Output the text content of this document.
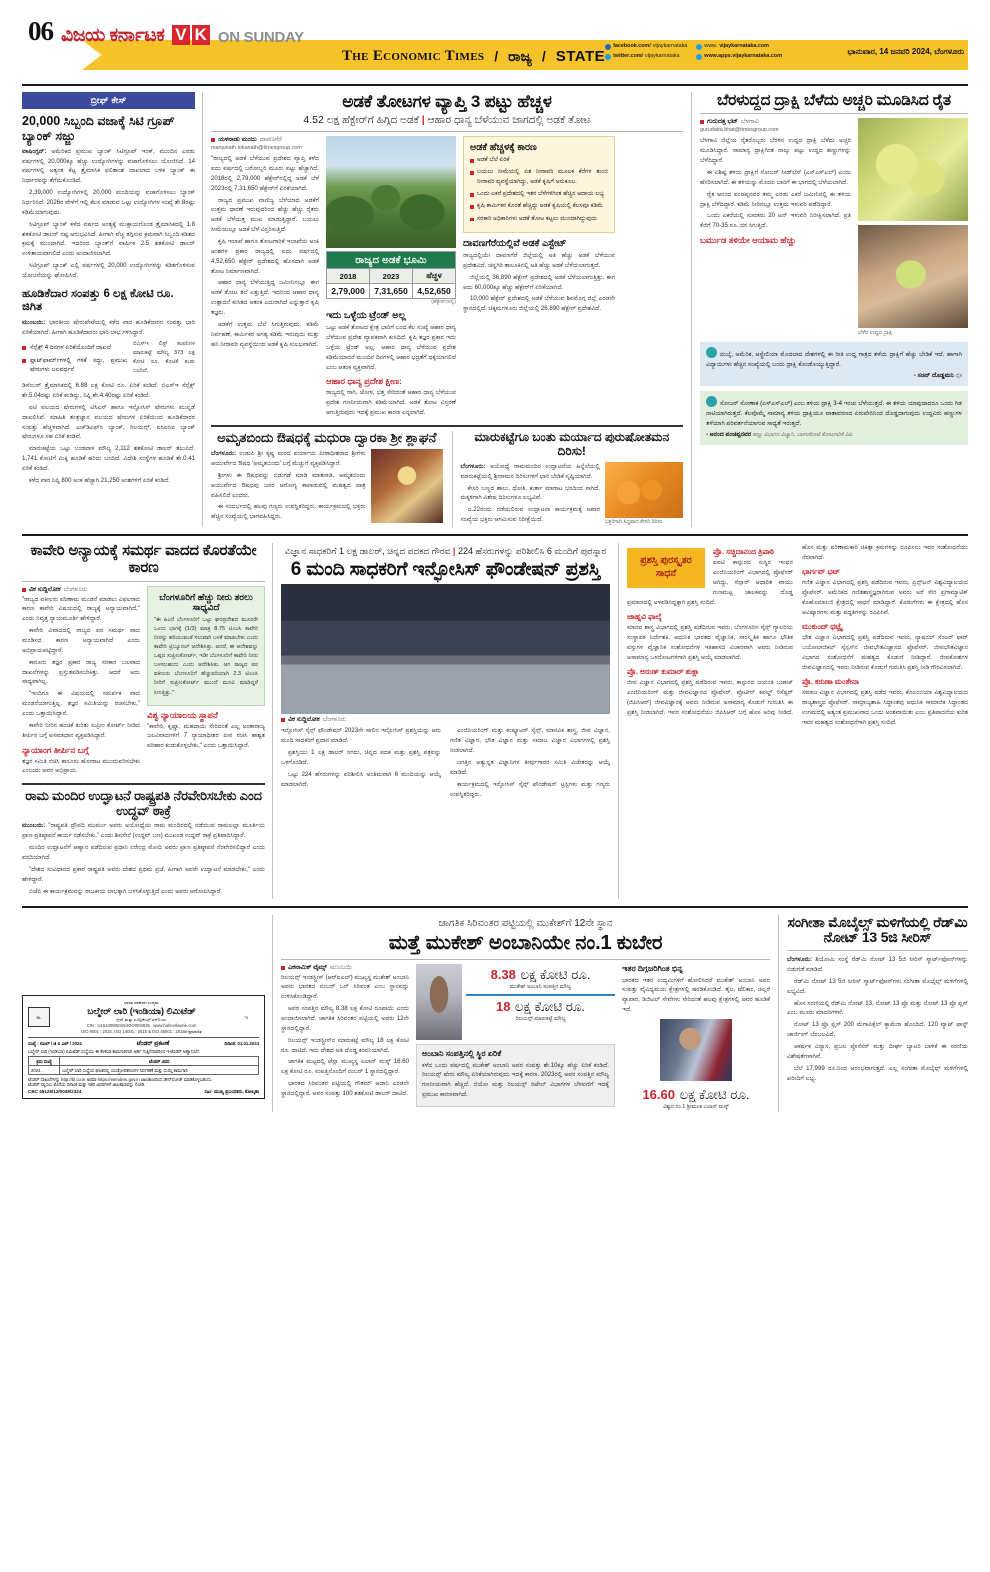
06 ವಿಜಯ ಕರ್ನಾಟಕ V K ON SUNDAY
The Economic Times / ರಾಜ್ಯ / STATE
facebook.com/ vijaykarnataka
twitter.com/ vijaykarnataka
www. vijaykarnataka.com
www.apps.vijaykarnataka.com
ಭಾನುವಾರ, 14 ಜನವರಿ 2024, ಬೆಂಗಳೂರು
ಬ್ರೀಫ್ ಕೇಸ್
20,000 ಸಿಬ್ಬಂದಿ ವಜಾಕ್ಕೆ ಸಿಟಿ ಗ್ರೂಪ್ ಬ್ಯಾಂಕ್ ಸಜ್ಜು

ವಾಷಿಂಗ್ಟನ್: ಅಮೆರಿಕದ ಪ್ರಮುಖ ಬ್ಯಾಂಕ್ ಸಿಟಿಗ್ರೂಪ್ ಇಂಕ್, ಮುಂದಿನ ಎರಡು ವರ್ಷಗಳಲ್ಲಿ 20,000ಕ್ಕೂ ಹೆಚ್ಚು ಉದ್ಯೋಗಿಗಳನ್ನು ವಜಾಗೊಳಿಸಲು ಯೋಜಿಸಿದೆ. 14 ವರ್ಷಗಳಲ್ಲಿ ಅತ್ಯಂತ ಕೆಟ್ಟ ತ್ರೈಮಾಸಿಕ ಫಲಿತಾಂಶ ದಾಖಲಾದ ಬಳಿಕ ಬ್ಯಾಂಕ್ ಈ ನಿರ್ಧಾರವನ್ನು ತೆಗೆದುಕೊಂಡಿದೆ.

2,39,000 ಉದ್ಯೋಗಿಗಳಲ್ಲಿ 20,000 ಮಂದಿಯನ್ನು ವಜಾಗೊಳಿಸಲು ಬ್ಯಾಂಕ್ ನಿರ್ಧರಿಸಿದೆ. 2026ರ ವೇಳೆಗೆ ಇಲ್ಲಿ ಕೆಲಸ ಮಾಡುವ ಒಟ್ಟು ಉದ್ಯೋಗಿಗಳ ಸಂಖ್ಯೆ ಶೇ.8ರಷ್ಟು ಕಡಿಮೆಯಾಗುವುದು.

ಸಿಟಿಗ್ರೂಪ್ ಬ್ಯಾಂಕ್ ಕಳೆದ ವರ್ಷದ ಅಂತ್ಯಕ್ಕೆ ಮುಕ್ತಾಯಗೊಂಡ ತ್ರೈಮಾಸಿಕದಲ್ಲಿ 1.8 ಶತಕೋಟಿ ಡಾಲರ್ ನಷ್ಟ ಅನುಭವಿಸಿದೆ. ಹೀಗಾಗಿ ವೆಚ್ಚ ತಗ್ಗಿಸುವ ಕ್ರಮವಾಗಿ ಸಿಬ್ಬಂದಿ ಕಡಿತದ ಕ್ರಮಕ್ಕೆ ಮುಂದಾಗಿದೆ. ಇದರಿಂದ ಬ್ಯಾಂಕ್‌ಗೆ ವಾರ್ಷಿಕ 2.5 ಶತಕೋಟಿ ಡಾಲರ್ ಉಳಿತಾಯವಾಗಲಿದೆ ಎಂದು ಅಂದಾಜಿಸಲಾಗಿದೆ.

ಸಿಟಿಗ್ರೂಪ್ ಬ್ಯಾಂಕ್ ಎಲ್ಲಿ ವರ್ಷಗಳಲ್ಲಿ 20,000 ಉದ್ಯೋಗಿಗಳನ್ನು ಕಡಿತಗೊಳಿಸುವ ಯೋಜನೆಯನ್ನು ಘೋಷಿಸಿದೆ.

ಹೂಡಿಕೆದಾರ ಸಂಪತ್ತು 6 ಲಕ್ಷ ಕೋಟಿ ರೂ. ಜಿಗಿತ

ಮುಂಬಯಿ: ಭಾರತೀಯ ಷೇರುಪೇಟೆಯಲ್ಲಿ ಕಳೆದ ವಾರ ಹೂಡಿಕೆದಾರರ ಸಂಪತ್ತು ಭಾರಿ ಏರಿಕೆಯಾಗಿದೆ. ಹೀಗಾಗಿ ಹೂಡಿಕೆದಾರರು ಭಾರಿ ಲಾಭ ಗಳಿಸಿದ್ದಾರೆ.

ಸೆನ್ಸೆಕ್ಸ್ 4 ದಿನಗಳ ಏರಿಕೆಯೊಂದಿಗೆ ದಾಖಲೆ
ಫ್ಲಾಟ್‌ಫಾರ್ಮ್‌ಗಳಲ್ಲಿ ಗಳಿಕೆ ಸದ್ದು, ಪ್ರಮುಖ ಷೇರುಗಳು ಬಲವರ್ಧನೆ
ಬಿಎಸ್‌ಇ ಲಿಸ್ಟ್ ಕಂಪನಿಗಳ ಮಾರುಕಟ್ಟೆ ಮೌಲ್ಯ 373 ಲಕ್ಷ ಕೋಟಿ ರೂ. ಕೊಟಿಕೆ ಕಂಡು ಬಂದಿದೆ.

ಡಿಸೆಂಬರ್ ತ್ರೈಮಾಸಿಕದಲ್ಲಿ 6.88 ಲಕ್ಷ ಕೋಟಿ ರೂ. ಏರಿಕೆ ಕಂಡಿದೆ. ಬಿಎಸ್‌ಇ ಸೆನ್ಸೆಕ್ಸ್ ಶೇ.5.04ರಷ್ಟು ಏರಿಕೆ ಕಂಡಿದ್ದು, ನಿಫ್ಟಿ ಶೇ.4.40ರಷ್ಟು ಏರಿಕೆ ಕಂಡಿದೆ.

ಐಟಿ ವಲಯದ ಷೇರುಗಳಲ್ಲಿ ಟಿಸಿಎಸ್ ಹಾಗೂ ಇನ್ಫೋಸಿಸ್ ಷೇರುಗಳು ಮುನ್ನಡೆ ದಾಖಲಿಸಿವೆ. ಮಾಹಿತಿ ತಂತ್ರಜ್ಞಾನ ವಲಯದ ಷೇರುಗಳ ಏರಿಕೆಯಿಂದ ಹೂಡಿಕೆದಾರರ ಸಂಪತ್ತು ಹೆಚ್ಚಳವಾಗಿದೆ. ಎಚ್‌ಡಿಎಫ್‌ಸಿ ಬ್ಯಾಂಕ್, ರಿಲಯನ್ಸ್, ಐಸಿಐಸಿಐ ಬ್ಯಾಂಕ್ ಷೇರುಗಳೂ ಸಹ ಏರಿಕೆ ಕಂಡಿವೆ.

ಮಾರುಕಟ್ಟೆಯ ಒಟ್ಟು ಬಂಡವಾಳ ಮೌಲ್ಯ 2,112 ಶತಕೋಟಿ ಡಾಲರ್ ತಲುಪಿದೆ. 1,741 ಕೋಟಿಗೆ ಮಿಕ್ಕಿ ಹೂಡಿಕೆ ಹರಿದು ಬಂದಿದೆ. ವಿದೇಶಿ ಸಂಸ್ಥೆಗಳ ಹೂಡಿಕೆ ಶೇ.0.41 ಏರಿಕೆ ಕಂಡಿದೆ.

ಕಳೆದ ವಾರ ನಿಫ್ಟಿ 800 ಅಂಕ ಹೆಚ್ಚಾಗಿ 21,250 ಅಂಶಗಳಿಗೆ ಏರಿಕೆ ಕಂಡಿದೆ.

ಅಡಕೆ ತೋಟಗಳ ವ್ಯಾಪ್ತಿ 3 ಪಟ್ಟು ಹೆಚ್ಚಳ
4.52 ಲಕ್ಷ ಹೆಕ್ಟೇರ್‌ಗೆ ಹಿಗ್ಗಿದ ಅಡಕೆ | ಆಹಾರ ಧಾನ್ಯ ಬೆಳೆಯುವ ಜಾಗದಲ್ಲಿ ಅಡಕೆ ತೋಟ
ಯಳನಾಡು ಮಂಜು ದಾವಣಗೆರೆ
manjunath.lokanath@timesgroup.com

"ರಾಜ್ಯದಲ್ಲಿ ಅಡಕೆ ಬೆಳೆಯುವ ಪ್ರದೇಶದ ವ್ಯಾಪ್ತಿ ಕಳೆದ ಐದು ವರ್ಷದಲ್ಲಿ ಬರೋಬ್ಬರಿ ಮೂರು ಪಟ್ಟು ಹೆಚ್ಚಾಗಿದೆ. 2018ರಲ್ಲಿ 2,79,000 ಹೆಕ್ಟೇರ್‌ನಲ್ಲಿದ್ದ ಅಡಕೆ ಬೆಳೆ 2023ರಲ್ಲಿ 7,31,650 ಹೆಕ್ಟೇರ್‌ಗೆ ಏರಿಕೆಯಾಗಿದೆ.

ರಾಜ್ಯದ ಪ್ರಮುಖ ವಾಣಿಜ್ಯ ಬೆಳೆಯಾದ ಅಡಕೆಗೆ ಉತ್ತಮ ಧಾರಣೆ ಇರುವುದರಿಂದ ಹೆಚ್ಚು ಹೆಚ್ಚು ರೈತರು ಅಡಕೆ ಬೆಳೆಯತ್ತ ಮುಖ ಮಾಡುತ್ತಿದ್ದಾರೆ. ಬಯಲು ಸೀಮೆಯಲ್ಲೂ ಅಡಕೆ ಬೆಳೆ ವಿಸ್ತರಿಸುತ್ತಿದೆ.

ಕೃಷಿ ಇಲಾಖೆ ಹಾಗೂ ತೋಟಗಾರಿಕೆ ಇಲಾಖೆಯ ಅಂಕಿ ಅಂಶಗಳ ಪ್ರಕಾರ ರಾಜ್ಯದಲ್ಲಿ ಐದು ವರ್ಷದಲ್ಲಿ 4,52,650 ಹೆಕ್ಟೇರ್ ಪ್ರದೇಶದಲ್ಲಿ ಹೊಸದಾಗಿ ಅಡಕೆ ತೋಟ ನಿರ್ಮಾಣವಾಗಿದೆ.

ಆಹಾರ ಧಾನ್ಯ ಬೆಳೆಯುತ್ತಿದ್ದ ಜಮೀನಿನಲ್ಲೂ ಈಗ ಅಡಕೆ ತೋಟ ತಲೆ ಎತ್ತುತ್ತಿದೆ. ಇದರಿಂದ ಆಹಾರ ಧಾನ್ಯ ಉತ್ಪಾದನೆ ಕುಸಿತದ ಆತಂಕ ಎದುರಾಗಿದೆ ಎನ್ನುತ್ತಾರೆ ಕೃಷಿ ತಜ್ಞರು.

ಅಡಕೆಗೆ ಉತ್ತಮ ಬೆಲೆ ಸಿಗುತ್ತಿರುವುದು, ಕಡಿಮೆ ನಿರ್ವಹಣೆ, ಕಾರ್ಮಿಕರ ಅಗತ್ಯ ಕಡಿಮೆ ಇರುವುದು ಮತ್ತು ಹನಿ ನೀರಾವರಿ ವ್ಯವಸ್ಥೆಯಿಂದ ಅಡಕೆ ಕೃಷಿ ಸುಲಭವಾಗಿದೆ.

ರಾಜ್ಯದ ಅಡಕೆ ಭೂಮಿ		
2018	2023	ಹೆಚ್ಚಳ
2,79,000	7,31,650	4,52,650
(ಹೆಕ್ಟೇರ್‌ಗಳಲ್ಲಿ)
ಇದು ಒಳ್ಳೆಯ ಟ್ರೆಂಡ್ ಅಲ್ಲ

ಒಟ್ಟು ಅಡಕೆ ತೋಟದ ಕ್ಷೇತ್ರ ಭಾರಿಗೆ ಬಂದ ಕೆಲ ಸಂಖ್ಯೆ ಆಹಾರ ಧಾನ್ಯ ಬೆಳೆಯುವ ಪ್ರದೇಶ ವ್ಯಾಪಕವಾಗಿ ಕುಸಿದಿದೆ. ಕೃಷಿ ತಜ್ಞರ ಪ್ರಕಾರ ಇದು ಒಳ್ಳೆಯ ಟ್ರೆಂಡ್ ಅಲ್ಲ. ಆಹಾರ ಧಾನ್ಯ ಬೆಳೆಯುವ ಪ್ರದೇಶ ಕಡಿಮೆಯಾದರೆ ಮುಂದಿನ ದಿನಗಳಲ್ಲಿ ಆಹಾರ ಭದ್ರತೆಗೆ ಧಕ್ಕೆಯಾಗಲಿದೆ ಎಂಬ ಆತಂಕ ವ್ಯಕ್ತವಾಗಿದೆ.

ಆಹಾರ ಧಾನ್ಯ ಪ್ರದೇಶ ಕ್ಷೀಣ:

ರಾಜ್ಯದಲ್ಲಿ ರಾಗಿ, ಜೋಳ, ಭತ್ತ ಸೇರಿದಂತೆ ಆಹಾರ ಧಾನ್ಯ ಬೆಳೆಯುವ ಪ್ರದೇಶ ಗಣನೀಯವಾಗಿ ಕಡಿಮೆಯಾಗಿದೆ. ಅಡಕೆ ತೋಟ ವಿಸ್ತರಣೆ ಆಗುತ್ತಿರುವುದು ಇದಕ್ಕೆ ಪ್ರಮುಖ ಕಾರಣ ಎನ್ನಲಾಗಿದೆ.

ಅಡಕೆ ಹೆಚ್ಚಳಕ್ಕೆ ಕಾರಣ
ಅಡಕೆ ಬೆಲೆ ಏರಿಕೆ
ಬಯಲು ಸೀಮೆಯಲ್ಲಿ ಏತ ನೀರಾವರಿ ಮೂಲಕ ಕೆರೆಗಳ ತುಂಬಿ ನೀರಾವರಿ ವ್ಯವಸ್ಥೆಯಾಗಿದ್ದು, ಅಡಕೆ ಕೃಷಿಗೆ ಅನುಕೂಲ.
ಒಂದು ಎಕರೆ ಪ್ರದೇಶದಲ್ಲಿ ಇತರ ಬೆಳೆಗಳಿಗಿಂತ ಹೆಚ್ಚಿನ ಆದಾಯ ಲಭ್ಯ
ಕೃಷಿ ಕಾರ್ಮಿಕರ ಕೊರತೆ ಹೆಚ್ಚಿದ್ದು ಅಡಕೆ ಕೃಷಿಯಲ್ಲಿ ಕೆಲಸವೂ ಕಡಿಮೆ
ಸರಕಾರಿ ಅಧಿಕಾರಿಗಳು ಅಡಕೆ ತೋಟ ಕಟ್ಟಲು ಮುಂದಾಗಿದ್ದುವುದು
ದಾವಣಗೆರೆಯಲ್ಲಿವೆ ಅಡಕೆ ಎಸ್ಟೇಟ್

ರಾಜ್ಯದಲ್ಲಿಯೇ ದಾವಣಗೆರೆ ಜಿಲ್ಲೆಯಲ್ಲಿ ಅತಿ ಹೆಚ್ಚು ಅಡಕೆ ಬೆಳೆಯುವ ಪ್ರದೇಶವಿದೆ. ಚನ್ನಗಿರಿ ತಾಲೂಕಿನಲ್ಲಿ ಅತಿ ಹೆಚ್ಚು ಅಡಕೆ ಬೆಳೆಯಲಾಗುತ್ತದೆ.

ಜಿಲ್ಲೆಯಲ್ಲಿ 36,890 ಹೆಕ್ಟೇರ್ ಪ್ರದೇಶದಲ್ಲಿ ಅಡಕೆ ಬೆಳೆಯಲಾಗುತ್ತಿತ್ತು. ಈಗ ಅದು 60,000ಕ್ಕೂ ಹೆಚ್ಚು ಹೆಕ್ಟೇರ್‌ಗೆ ಏರಿಕೆಯಾಗಿದೆ.

10,000 ಹೆಕ್ಟೇರ್ ಪ್ರದೇಶದಲ್ಲಿ ಅಡಕೆ ಬೆಳೆಯುವ ಶಿವಮೊಗ್ಗ ಜಿಲ್ಲೆ ಎರಡನೇ ಸ್ಥಾನದಲ್ಲಿದೆ. ಚಿಕ್ಕಮಗಳೂರು ಜಿಲ್ಲೆಯಲ್ಲಿ 26,890 ಹೆಕ್ಟೇರ್ ಪ್ರದೇಶವಿದೆ.

ಅಮೃತಬಿಂದು ಔಷಧಕ್ಕೆ ಮಧುರಾ ದ್ವಾರಕಾ ಶ್ರೀ ಶ್ಲಾಘನೆ

ಬೆಂಗಳೂರು: ಉಡುಪಿ ಶ್ರೀ ಕೃಷ್ಣ ಮಠದ ಪರ್ಯಾಯ ಪೀಠಾಧೀಶರಾದ ಶ್ರೀಗಳು ಆಯುರ್ವೇದ ಔಷಧ 'ಅಮೃತಬಿಂದು' ಬಗ್ಗೆ ಮೆಚ್ಚುಗೆ ವ್ಯಕ್ತಪಡಿಸಿದ್ದಾರೆ.

ಶ್ರೀಗಳು ಈ ಔಷಧವನ್ನು ಬಿಡುಗಡೆ ಮಾಡಿ ಮಾತನಾಡಿ, ಅಮೃತಬಿಂದು ಆಯುರ್ವೇದ ಔಷಧವು ಜನರ ಆರೋಗ್ಯ ಕಾಪಾಡುವಲ್ಲಿ ಮಹತ್ವದ ಪಾತ್ರ ವಹಿಸಲಿದೆ ಎಂದರು.

ಈ ಸಂದರ್ಭದಲ್ಲಿ ಹಲವು ಗಣ್ಯರು ಉಪಸ್ಥಿತರಿದ್ದರು. ಕಾರ್ಯಕ್ರಮದಲ್ಲಿ ಭಕ್ತರು ಹೆಚ್ಚಿನ ಸಂಖ್ಯೆಯಲ್ಲಿ ಭಾಗವಹಿಸಿದ್ದರು.

ಮಾರುಕಟ್ಟೆಗೂ ಬಂತು ಮರ್ಯಾದ ಪುರುಷೋತಮನ ದಿರಿಸು!

ಬೆಂಗಳೂರು: ಅಯೋಧ್ಯೆ ರಾಮಮಂದಿರ ಉದ್ಘಾಟನೆಯ ಹಿನ್ನೆಲೆಯಲ್ಲಿ ಮಾರುಕಟ್ಟೆಯಲ್ಲಿ ಶ್ರೀರಾಮನ ದಿರಿಸುಗಳಿಗೆ ಭಾರಿ ಬೇಡಿಕೆ ಸೃಷ್ಟಿಯಾಗಿದೆ.

ಕೇಸರಿ ಬಣ್ಣದ ಶಾಲು, ಧೋತಿ, ಕುರ್ತಾ ಮಾರಾಟ ಭರದಿಂದ ಸಾಗಿದೆ. ಮಕ್ಕಳಿಗಾಗಿ ವಿಶೇಷ ದಿರಿಸುಗಳೂ ಲಭ್ಯವಿವೆ.

ಜ.22ರಂದು ನಡೆಯಲಿರುವ ಉದ್ಘಾಟನಾ ಕಾರ್ಯಕ್ರಮಕ್ಕೆ ಅಪಾರ ಸಂಖ್ಯೆಯ ಭಕ್ತರು ಆಗಮಿಸುವ ನಿರೀಕ್ಷೆಯಿದೆ.	ಭಕ್ತರಿಗಾಗಿ ಸಿದ್ಧವಾದ ಕೇಸರಿ ದಿರಿಸು
ಬೆರಳುದ್ದದ ದ್ರಾಕ್ಷಿ ಬೆಳೆದು ಅಚ್ಚರಿ ಮೂಡಿಸಿದ ರೈತ
ಗುರುದತ್ತ ಭಟ್ ಬೆಳಗಾವಿ
gurudatta.bhat@timesgroup.com

ಬೆಳಗಾವಿ ಜಿಲ್ಲೆಯ ರೈತರೊಬ್ಬರು ಬೆರಳಿನ ಉದ್ದದ ದ್ರಾಕ್ಷಿ ಬೆಳೆದು ಅಚ್ಚರಿ ಮೂಡಿಸಿದ್ದಾರೆ. ಸಾಮಾನ್ಯ ದ್ರಾಕ್ಷಿಗಿಂತ ನಾಲ್ಕು ಪಟ್ಟು ಉದ್ದದ ಹಣ್ಣುಗಳನ್ನು ಬೆಳೆದಿದ್ದಾರೆ.

ಈ ವಿಶಿಷ್ಟ ತಳಿಯ ದ್ರಾಕ್ಷಿಗೆ ಸೋಜರ್ ಸೀಡ್‌ಲೆಸ್ (ಎಸ್‌ಎಸ್‌ಎಲ್) ಎಂದು ಹೆಸರಿಸಲಾಗಿದೆ. ಈ ತಳಿಯನ್ನು ಮೊದಲ ಬಾರಿಗೆ ಈ ಭಾಗದಲ್ಲಿ ಬೆಳೆಯಲಾಗಿದೆ.

ರೈತ ಆನಂದ ಪಂಚಪ್ಪನವರ ತಮ್ಮ ಎರಡು ಎಕರೆ ಜಮೀನಿನಲ್ಲಿ ಈ ತಳಿಯ ದ್ರಾಕ್ಷಿ ಬೆಳೆದಿದ್ದಾರೆ. ಕಡಿಮೆ ನೀರಿನಲ್ಲೂ ಉತ್ತಮ ಇಳುವರಿ ಪಡೆದಿದ್ದಾರೆ.

ಒಂದು ಎಕರೆಯಲ್ಲಿ ಸುಮಾರು 20 ಟನ್ ಇಳುವರಿ ನಿರೀಕ್ಷಿಸಲಾಗಿದೆ. ಪ್ರತಿ ಕೆಜಿಗೆ 70-35 ರೂ. ದರ ಸಿಗುತ್ತಿದೆ.

ಬರ್ಮುಡ ತಳಿಯೇ ಆಯಾಮ ಹೆಚ್ಚು
ಬೆಳೆದ ಉದ್ದದ ದ್ರಾಕ್ಷಿ
ದುಬೈ, ಅಮೆರಿಕ, ಆಸ್ಟ್ರೇಲಿಯಾ ಮೊದಲಾದ ದೇಶಗಳಲ್ಲಿ ಈ ರೀತಿ ಉದ್ದ ಗಾತ್ರದ ತಳೆಯ ದ್ರಾಕ್ಷಿಗೆ ಹೆಚ್ಚು ಬೇಡಿಕೆ ಇದೆ. ಹಾಗಾಗಿ ವಿದ್ಯಾಯಿಗಳು ಹೆಚ್ಚಿನ ಸಂಖ್ಯೆಯಲ್ಲಿ ಬಂದು ದ್ರಾಕ್ಷಿ ಕೊಂಡೊಯ್ಯುತ್ತಿದ್ದಾರೆ.
- ಸಚಿನ್ ದೊಡ್ಡಮನಿ ರೈತ
ಸೋಜರ್ ಸೋಣಾಕ (ಎಸ್‌ಎಸ್‌ಎಲ್) ಎಂಬ ತಳಿಯ ದ್ರಾಕ್ಷಿ 3-4 ಇಂಚು ಬೆಳೆಯುತ್ತದೆ. ಈ ತಳಿಯ ಯಾವುದಾದರೂ ಒಂದು ಗಿಡ ನಾಟಿಯಾಗಿರುತ್ತದೆ. ಕೆಲವೊಮ್ಮೆ ಸಾಮಾನ್ಯ ತಳಿಯ ದ್ರಾಕ್ಷಿಯೂ ವಾತಾವರಣದ ಏರುಪೇರಿನಿಂದ ದೊಡ್ಡದಾಗುವುದು ಉದ್ದವಿರು ಹಣ್ಣುಗಳ ತಳೆಯಾಗಿ ಪರಿವರ್ತನೆಯಾಗುವ ಸಾಧ್ಯತೆ ಇರುತ್ತದೆ.
- ಆನಂದ ಪಂಚಪ್ಪನವರ ಹಣ್ಣು ವಿಭಾಗದ ವಿಜ್ಞಾನಿ, ಬಾಗಲಕೋಟೆ ತೋಟಗಾರಿಕೆ ವಿವಿ
ಕಾವೇರಿ ಅನ್ಯಾಯಕ್ಕೆ ಸಮರ್ಥ ವಾದದ ಕೊರತೆಯೇ ಕಾರಣ
ವಿಕ ಸುದ್ದಿಲೋಕ ಬೆಂಗಳೂರು

"ರಾಜ್ಯದ ವಕೀಲರು ಪರಿಣಾಮ ಮಂಡನೆ ಮಾಡಲು ವಿಫಲರಾದ ಕಾರಣ ಕಾವೇರಿ ವಿಷಯದಲ್ಲಿ ರಾಜ್ಯಕ್ಕೆ ಅನ್ಯಾಯವಾಗಿದೆ," ಎಂದು ನಿವೃತ್ತ ನ್ಯಾಯಮೂರ್ತಿ ಹೇಳಿದ್ದಾರೆ.

ಕಾವೇರಿ ವಿವಾದದಲ್ಲಿ ರಾಜ್ಯದ ಪರ ಸಮರ್ಥ ವಾದ ಮಂಡಿಸದ ಕಾರಣ ಅನ್ಯಾಯವಾಗಿದೆ ಎಂದು ಅಭಿಪ್ರಾಯಪಟ್ಟಿದ್ದಾರೆ.

ಕಾನೂನು ತಜ್ಞರ ಪ್ರಕಾರ ರಾಜ್ಯ ಸರಕಾರ ಬಲವಾದ ದಾಖಲೆಗಳನ್ನು ಪ್ರಸ್ತುತಪಡಿಸಬೇಕಿತ್ತು. ಆದರೆ ಅದು ಸಾಧ್ಯವಾಗಿಲ್ಲ.

"ಇಂದಿಗೂ ಈ ವಿಷಯದಲ್ಲಿ ಸಮರ್ಪಕ ವಾದ ಮಂಡನೆಯಾಗುತ್ತಿಲ್ಲ. ತಜ್ಞರ ಸಮಿತಿಯನ್ನು ರಚಿಸಬೇಕು," ಎಂದು ಒತ್ತಾಯಿಸಿದ್ದಾರೆ.

ಕಾವೇರಿ ನೀರಿನ ಹಂಚಿಕೆ ಕುರಿತು ಸುಪ್ರೀಂ ಕೋರ್ಟ್ ನೀಡಿದ ತೀರ್ಪಿನ ಬಗ್ಗೆ ಅಸಮಾಧಾನ ವ್ಯಕ್ತಪಡಿಸಿದ್ದಾರೆ.

ನ್ಯಾಯಾಂಗ ತೀರ್ಪಿನ ಬಗ್ಗೆ

ತಜ್ಞರ ಸಮಿತಿ ರಚಿಸಿ ಕಾನೂನು ಹೋರಾಟ ಮುಂದುವರಿಸಬೇಕು ಎಂಬುದು ಅವರ ಅಭಿಪ್ರಾಯ.

ಬೆಂಗಳೂರಿಗೆ ಹೆಚ್ಚು ನೀರು ತರಲು ಸಾಧ್ಯವಿದೆ

"ಈ ಹಿಂದೆ ಬೆಂಗಳೂರಿಗೆ ಒಟ್ಟು ಘನಪ್ರದೇಶದ ಮೂರರೇ ಒಂದು ಭಾಗಕ್ಕೆ (1/3) ಮಾತ್ರ 8.75 ಟಿಎಂಸಿ ಕಾವೇರಿ ನೀರನ್ನು ಹರಿಯುವಂತೆ ಸಲುವಾಗಿ ಬಳಕೆ ಮಾಡಬೇಕು ಎಂದು ಕಾವೇರಿ ಟ್ರಿಬ್ಯೂನಲ್ ಆದೇಶಿಸಿತ್ತು. ಆದರೆ, ಈ ಆದೇಶವನ್ನು ಒಪ್ಪದ ಸುಪ್ರೀಂಕೋರ್ಟ್, ಇಡೀ ಬೆಂಗಳೂರಿಗೆ ಕಾವೇರಿ ನೀರು ಬಳಸಬಹುದು ಎಂದು ಆದೇಶಿಸಿತು. ಆಗ ರಾಜ್ಯದ ಪರ ವಕೀಲರು ಬೆಂಗಳೂರಿಗೆ ಹೆಚ್ಚುವರಿಯಾಗಿ 2.3 ಟಿಎಂಸಿ ನೀರಿಗೆ ಸುಪ್ರೀಂಕೋರ್ಟ್ ಮುಂದೆ ಮನವಿ ಮಾಡಿದ್ದರೆ ಸಿಗುತ್ತಿತ್ತು."

ವಿಶ್ವ ನ್ಯಾಯಾಲಯ ಸ್ಥಾಪನೆ

"ಕಾವೇರಿ, ಕೃಷ್ಣಾ, ಮಹದಾಯಿ ಸೇರಿದಂತೆ ಎಲ್ಲ ಅಂತಾರಾಜ್ಯ ಜಲವಿವಾದಗಳಿಗೆ 7 ನ್ಯಾಯಾಧೀಶರ ಪೀಠ ರಚಿಸಿ ಶಾಶ್ವತ ಪರಿಹಾರ ಕಂಡುಕೊಳ್ಳಬೇಕು," ಎಂದು ಒತ್ತಾಯಿಸಿದ್ದಾರೆ.

ರಾಮ ಮಂದಿರ ಉದ್ಘಾಟನೆ ರಾಷ್ಟ್ರಪತಿ ನೆರವೇರಿಸಬೇಕು ಎಂದ ಉದ್ಧವ್ ಠಾಕ್ರೆ

ಮುಂಬಯಿ: "ರಾಷ್ಟ್ರಪತಿ ದ್ರೌಪದಿ ಮುರ್ಮು ಅವರು ಅಯೋಧ್ಯೆಯ ರಾಮ ಮಂದಿರದಲ್ಲಿ ನಡೆಯುವ ರಾಮಲಲ್ಲಾ ಮೂರ್ತಿಯ ಪ್ರಾಣ ಪ್ರತಿಷ್ಠಾಪನೆ ಕಾರ್ಯ ನಡೆಸಬೇಕು," ಎಂದು ಶಿವಸೇನೆ (ಉದ್ಧವ್ ಬಣ) ಮುಖಂಡ ಉದ್ಧವ್ ಠಾಕ್ರೆ ಪ್ರತಿಪಾದಿಸಿದ್ದಾರೆ.

ಮಂದಿರ ಉದ್ಘಾಟನೆಗೆ ಆಹ್ವಾನ ಪಡೆದಿರುವ ಪ್ರಧಾನಿ ನರೇಂದ್ರ ಮೋದಿ ಅವರು ಪ್ರಾಣ ಪ್ರತಿಷ್ಠಾಪನೆ ನೆರವೇರಿಸಲಿದ್ದಾರೆ ಎಂದು ವರದಿಯಾಗಿದೆ.

"ದೇಶದ ಸಂವಿಧಾನದ ಪ್ರಕಾರ ರಾಷ್ಟ್ರಪತಿ ಅವರು ದೇಶದ ಪ್ರಥಮ ಪ್ರಜೆ. ಹೀಗಾಗಿ ಅವರೇ ಉದ್ಘಾಟನೆ ಮಾಡಬೇಕು," ಎಂದು ಹೇಳಿದ್ದಾರೆ.

ಬಿಜೆಪಿ ಈ ಕಾರ್ಯಕ್ರಮವನ್ನು ರಾಜಕೀಯ ಲಾಭಕ್ಕಾಗಿ ಬಳಸಿಕೊಳ್ಳುತ್ತಿದೆ ಎಂದು ಅವರು ಆರೋಪಿಸಿದ್ದಾರೆ.

ವಿಜ್ಞಾನ ಸಾಧಕರಿಗೆ 1 ಲಕ್ಷ ಡಾಲರ್, ಚಿನ್ನದ ಪದಕದ ಗೌರವ | 224 ಹೆಸರುಗಳನ್ನು ಪರಿಶೀಲಿಸಿ 6 ಮಂದಿಗೆ ಪುರಸ್ಕಾರ
6 ಮಂದಿ ಸಾಧಕರಿಗೆ ಇನ್ಫೋಸಿಸ್ ಫೌಂಡೇಷನ್ ಪ್ರಶಸ್ತಿ
ವಿಕ ಸುದ್ದಿಲೋಕ ಬೆಂಗಳೂರು

ಇನ್ಫೋಸಿಸ್ ಸೈನ್ಸ್ ಫೌಂಡೇಷನ್ 2023ನೇ ಸಾಲಿನ ಇನ್ಫೋಸಿಸ್ ಪ್ರಶಸ್ತಿಯನ್ನು ಆರು ಮಂದಿ ಸಾಧಕರಿಗೆ ಪ್ರದಾನ ಮಾಡಿದೆ.

ಪ್ರಶಸ್ತಿಯು 1 ಲಕ್ಷ ಡಾಲರ್ ನಗದು, ಚಿನ್ನದ ಪದಕ ಮತ್ತು ಪ್ರಶಸ್ತಿ ಪತ್ರವನ್ನು ಒಳಗೊಂಡಿದೆ.

ಒಟ್ಟು 224 ಹೆಸರುಗಳನ್ನು ಪರಿಶೀಲಿಸಿ ಅಂತಿಮವಾಗಿ 6 ಮಂದಿಯನ್ನು ಆಯ್ಕೆ ಮಾಡಲಾಗಿದೆ.

ಎಂಜಿನಿಯರಿಂಗ್ ಮತ್ತು ಕಂಪ್ಯೂಟರ್ ಸೈನ್ಸ್, ಮಾನವಿಕ ಶಾಸ್ತ್ರ, ಜೀವ ವಿಜ್ಞಾನ, ಗಣಿತ ವಿಜ್ಞಾನ, ಭೌತ ವಿಜ್ಞಾನ ಮತ್ತು ಸಮಾಜ ವಿಜ್ಞಾನ ವಿಭಾಗಗಳಲ್ಲಿ ಪ್ರಶಸ್ತಿ ನೀಡಲಾಗಿದೆ.

ಜಗತ್ತಿನ ಅತ್ಯುನ್ನತ ವಿಜ್ಞಾನಿಗಳ ತೀರ್ಪುಗಾರರ ಸಮಿತಿ ವಿಜೇತರನ್ನು ಆಯ್ಕೆ ಮಾಡಿದೆ.

ಕಾರ್ಯಕ್ರಮದಲ್ಲಿ ಇನ್ಫೋಸಿಸ್ ಸೈನ್ಸ್ ಫೌಂಡೇಷನ್ ಟ್ರಸ್ಟಿಗಳು ಮತ್ತು ಗಣ್ಯರು ಉಪಸ್ಥಿತರಿದ್ದರು.

ಪ್ರಶಸ್ತಿ ಪುರಸ್ಕೃತರ ಸಾಧನೆ
ಪ್ರೊ. ಸಚ್ಚಿದಾನಂದ ತ್ರಿಪಾಠಿ

ಐಐಟಿ ಕಾನ್ಪುರದ ಸುಸ್ಥಿರ ಇಂಧನ ಎಂಜಿನಿಯರಿಂಗ್ ವಿಭಾಗದಲ್ಲಿ ಪ್ರೊಫೆಸರ್ ಆಗಿದ್ದು, ಸೆನ್ಸಾರ್ ಆಧಾರಿತ ವಾಯು ಗುಣಮಟ್ಟ ಜಾಲಕವನ್ನು ದೊಡ್ಡ ಪ್ರಮಾಣದಲ್ಲಿ ಅಳವಡಿಸಿದ್ದಕ್ಕಾಗಿ ಪ್ರಶಸ್ತಿ ಸಂದಿದೆ.

ಜಾಹ್ನವಿ ಫಾಲ್ಕೆ

ಮಾನವ ಶಾಸ್ತ್ರ ವಿಭಾಗದಲ್ಲಿ ಪ್ರಶಸ್ತಿ ಪಡೆದಿರುವ ಇವರು, ಬೆಂಗಳೂರಿನ ಸೈನ್ಸ್ ಗ್ಯಾಲರಿಯ ಸಂಸ್ಥಾಪಕ ನಿರ್ದೇಶಕಿ. ಆಧುನಿಕ ಭಾರತದ ವೈಜ್ಞಾನಿಕ, ಸಾಂಸ್ಕೃತಿಕ ಹಾಗೂ ಭೌತಿಕ ವಸ್ತುಗಳ ವೈಜ್ಞಾನಿಕ ಸಂಶೋಧನೆಗಳ ಇತಿಹಾಸದ ವಿಚಾರವಾಗಿ ಅವರು ನೀಡಿರುವ ಅಸಾಮಾನ್ಯ ಒಳನೋಟಗಳಿಗಾಗಿ ಪ್ರಶಸ್ತಿ ಆಯ್ಕೆ ಮಾಡಲಾಗಿದೆ.

ಪ್ರೊ. ಅರುಣ್ ಕುಮಾರ್ ಶುಕ್ಲಾ

ಜೀವ ವಿಜ್ಞಾನ ವಿಭಾಗದಲ್ಲಿ ಪ್ರಶಸ್ತಿ ಪಡೆದಿರುವ ಇವರು, ಕಾನ್ಪುರದ ಜಯಂತಿ ಬಜಾಜ್ ಎಂಜಿನಿಯರಿಂಗ್ ಮತ್ತು ಜೀವವಿಜ್ಞಾನದ ಪ್ರೊಫೆಸರ್. ಪ್ರೊಟೀನ್ ಕಪಲ್ಡ್ ರಿಸೆಪ್ಟರ್ (ಜಿಪಿಸಿಆರ್) ಜೀವವಿಜ್ಞಾನಕ್ಕೆ ಅವರು ನೀಡಿರುವ ಅಸಾಮಾನ್ಯ ಕೊಡುಗೆ ಗುರುತಿಸಿ ಈ ಪ್ರಶಸ್ತಿ ನೀಡಲಾಗಿದೆ. ಇವರ ಸಂಶೋಧನೆಯು ಜಿಪಿಸಿಆರ್ ಬಗ್ಗೆ ಹೊಸ ಅರಿವು ನೀಡಿದೆ. ಹೊಸ ಮತ್ತು ಪರಿಣಾಮಕಾರಿ ಚಿಕಿತ್ಸಾ ಕ್ರಮಗಳನ್ನು ರೂಪಿಸಲು ಇವರ ಸಂಶೋಧನೆಯು ನೆರವಾಗಿದೆ.

ಭಾರ್ಗವ್ ಭಟ್

ಗಣಿತ ವಿಜ್ಞಾನ ವಿಭಾಗದಲ್ಲಿ ಪ್ರಶಸ್ತಿ ಪಡೆದಿರುವ ಇವರು, ಪ್ರಿನ್ಸ್‌ಟನ್ ವಿಶ್ವವಿದ್ಯಾಲಯದ ಪ್ರೊಫೆಸರ್. ಅಮೆರಿಕದ ಗಣಿತಶಾಸ್ತ್ರಜ್ಞರಾಗಿರುವ ಅವರು ಅರೆ ಸೇರಿ ಪ್ರಗಾಮ್ಯಾಟಿಕ್ ಕೊಹೊಮಾಲಜಿ ಕ್ಷೇತ್ರದಲ್ಲಿ ಸಾಧನೆ ಮಾಡಿದ್ದಾರೆ. ಕೊಡುಗೆಗಳು ಈ ಕ್ಷೇತ್ರದಲ್ಲಿ ಹೊಸ ಆವಿಷ್ಕಾರಗಳು ಮತ್ತು ಪದ್ಧತಿಗಳನ್ನು ರೂಪಿಸಿವೆ.

ಮುಕುಂದ್ ಥಟ್ಟೈ

ಭೌತ ವಿಜ್ಞಾನ ವಿಭಾಗದಲ್ಲಿ ಪ್ರಶಸ್ತಿ ಪಡೆದಿರುವ ಇವರು, ನ್ಯಾಷನಲ್ ಸೆಂಟರ್ ಫಾರ್ ಬಯೋಲಾಜಿಕಲ್ ಸೈನ್ಸಸ್‌ನ ಜೀವಭೌತವಿಜ್ಞಾನದ ಪ್ರೊಫೆಸರ್. ಜೀವಭೌತವಿಜ್ಞಾನ ವಿಭಾಗದ ಸಂಶೋಧನೆಗೆ ಮಹತ್ವದ ಕೊಡುಗೆ ನೀಡಿದ್ದಾರೆ. ಜೀವಕೋಶಗಳ ಜೀವವಿಜ್ಞಾನದಲ್ಲಿ ಇವರು ನೀಡಿರುವ ಕೊಡುಗೆ ಗುರುತಿಸಿ ಪ್ರಶಸ್ತಿ ನೀಡಿ ಗೌರವಿಸಲಾಗಿದೆ.

ಪ್ರೊ. ಕರುಣಾ ಮಂತೇನಾ

ಸಮಾಜ ವಿಜ್ಞಾನ ವಿಭಾಗದಲ್ಲಿ ಪ್ರಶಸ್ತಿ ಪಡೆದ ಇವರು, ಕೊಲಂಬಿಯಾ ವಿಶ್ವವಿದ್ಯಾಲಯದ ರಾಜ್ಯಶಾಸ್ತ್ರದ ಪ್ರೊಫೆಸರ್. ಸಾಮ್ರಾಜ್ಯಶಾಹಿ ಸಿದ್ಧಾಂತವು ಆಧುನಿಕ ಸಾಮಾಜಿಕ ಸಿದ್ಧಾಂತದ ಉಗಮದಲ್ಲಿ ಅತ್ಯಂತ ಪ್ರಮುಖವಾದ ಒಂದು ಅಂಶವಾಯಿತು ಎಂಬ ಪ್ರತಿಪಾದನೆಯ ಕುರಿತ ಇವರ ಮಹತ್ವದ ಸಂಶೋಧನೆಗಾಗಿ ಪ್ರಶಸ್ತಿ ಸಂದಿದೆ.

BL
ಭಾರತ ಸರಕಾರದ ಉದ್ಯಮ
ಬಲ್ಮೇರ್ ಲಾರಿ (ಇಂಡಿಯಾ) ಲಿಮಿಟೆಡ್
ಗ್ರೀಸ್ ಮತ್ತು ಲೂಬ್ರಿಕೆಂಟ್ಸ್ ಎಸ್‌ಬಿಯು
CIN : U15100WB1924GOI004835 www.balmerlawrie.com
ISO 9001 : 2015, ISO 14001 : 2015 & ISO 45001 : 2018ರ ಪ್ರಮಾಣಿತ
75
ಸಂಖ್ಯೆ : ಬಿಎಲ್ / ಜಿ & ಎಲ್ / 2024	ಟೆಂಡರ್ ಪ್ರಕಟಣೆ	ದಿನಾಂಕ: 01.01.2024
ಬಲ್ಮೇರ್ ಲಾರಿ (ಇಂಡಿಯಾ) ಲಿಮಿಟೆಡ್ ಸಂಸ್ಥೆಯು ಈ ಕೆಳಕಂಡ ಕಾಮಗಾರಿಗಾಗಿ ಅರ್ಹ ಗುತ್ತಿಗೆದಾರರಿಂದ ಇ-ಟೆಂಡರ್ ಆಹ್ವಾನಿಸಿದೆ.
ಕ್ರಮ ಸಂಖ್ಯೆ	ಟೆಂಡರ್ ವಿವರ
2024.	ಬಲ್ಮೇರ್ ಲಾರಿ ಸಂಸ್ಥೆಯ ಘಟಕದಲ್ಲಿ ಯಂತ್ರೋಪಕರಣಗಳ ನಿರ್ವಹಣೆ ಮತ್ತು ದುರಸ್ತಿ ಕಾಮಗಾರಿ
ಟೆಂಡರ್ ದಾಖಲೆಗಳನ್ನು http://bl.co.in ಅಥವಾ https://etenders.gov.in ಜಾಲತಾಣದಿಂದ ಡೌನ್‌ಲೋಡ್ ಮಾಡಿಕೊಳ್ಳಬಹುದು.
ಟೆಂಡರ್ ಸಲ್ಲಿಸಲು ಕೊನೆಯ ದಿನಾಂಕ ಮತ್ತು ಇತರ ವಿವರಗಳಿಗೆ ಜಾಲತಾಣವನ್ನು ನೋಡಿ.
CBC 45129/12/0049/2324	ಸಹಿ/- ಮುಖ್ಯ ಪ್ರಬಂಧಕರು, ಕೋಲ್ಕತಾ
ಜಾಗತಿಕ ಸಿರಿವಂತರ ಪಟ್ಟಿಯಲ್ಲಿ ಮುಕೇಶ್‌ಗೆ 12ನೇ ಸ್ಥಾನ
ಮತ್ತೆ ಮುಕೇಶ್ ಅಂಬಾನಿಯೇ ನಂ.1 ಕುಬೇರ
ಎಕನಾಮಿಕ್ ಟೈಮ್ಸ್ ಮುಂಬಯಿ

ರಿಲಯನ್ಸ್ ಇಂಡಸ್ಟ್ರೀಸ್ (ಆರ್‌ಐಎಲ್) ಮುಖ್ಯಸ್ಥ ಮುಕೇಶ್ ಅಂಬಾನಿ ಅವರು ಭಾರತದ ನಂಬರ್ ಒನ್ ಸಿರಿವಂತ ಎಂಬ ಸ್ಥಾನವನ್ನು ಉಳಿಸಿಕೊಂಡಿದ್ದಾರೆ.

ಅವರ ಸಂಪತ್ತಿನ ಮೌಲ್ಯ 8.38 ಲಕ್ಷ ಕೋಟಿ ರೂಪಾಯಿ ಎಂದು ಅಂದಾಜಿಸಲಾಗಿದೆ. ಜಾಗತಿಕ ಸಿರಿವಂತರ ಪಟ್ಟಿಯಲ್ಲಿ ಅವರು 12ನೇ ಸ್ಥಾನದಲ್ಲಿದ್ದಾರೆ.

ರಿಲಯನ್ಸ್ ಇಂಡಸ್ಟ್ರೀಸ್‌ನ ಮಾರುಕಟ್ಟೆ ಮೌಲ್ಯ 18 ಲಕ್ಷ ಕೋಟಿ ರೂ. ದಾಟಿದೆ. ಇದು ದೇಶದ ಅತಿ ದೊಡ್ಡ ಕಂಪನಿಯಾಗಿದೆ.

ಜಾಗತಿಕ ಮಟ್ಟದಲ್ಲಿ ಟೆಸ್ಲಾ ಮುಖ್ಯಸ್ಥ ಎಲಾನ್ ಮಸ್ಕ್ 16.60 ಲಕ್ಷ ಕೋಟಿ ರೂ. ಸಂಪತ್ತಿನೊಂದಿಗೆ ನಂಬರ್ 1 ಸ್ಥಾನದಲ್ಲಿದ್ದಾರೆ.

ಭಾರತದ ಸಿರಿವಂತರ ಪಟ್ಟಿಯಲ್ಲಿ ಗೌತಮ್ ಅದಾನಿ ಎರಡನೇ ಸ್ಥಾನದಲ್ಲಿದ್ದಾರೆ. ಅವರ ಸಂಪತ್ತು 100 ಶತಕೋಟಿ ಡಾಲರ್ ದಾಟಿದೆ.

8.38 ಲಕ್ಷ ಕೋಟಿ ರೂ.
ಮುಕೇಶ್ ಅಂಬಾನಿ ಸಂಪತ್ತಿನ ಮೌಲ್ಯ
18 ಲಕ್ಷ ಕೋಟಿ ರೂ.
ರಿಲಯನ್ಸ್ ಮಾರುಕಟ್ಟೆ ಮೌಲ್ಯ
ಅಂಬಾನಿ ಸಂಪತ್ತಿನಲ್ಲಿ ಸ್ಥಿರ ಏರಿಕೆ

ಕಳೆದ ಒಂದು ವರ್ಷದಲ್ಲಿ ಮುಕೇಶ್ ಅಂಬಾನಿ ಅವರ ಸಂಪತ್ತು ಶೇ.10ಕ್ಕೂ ಹೆಚ್ಚು ಏರಿಕೆ ಕಂಡಿದೆ. ರಿಲಯನ್ಸ್ ಷೇರು ಮೌಲ್ಯ ಏರಿಕೆಯಾಗಿರುವುದು ಇದಕ್ಕೆ ಕಾರಣ. 2023ರಲ್ಲಿ ಅವರ ಸಂಪತ್ತಿನ ಮೌಲ್ಯ ಗಣನೀಯವಾಗಿ ಹೆಚ್ಚಿದೆ. ಜಿಯೋ ಮತ್ತು ರಿಲಯನ್ಸ್ ರಿಟೇಲ್ ವಿಭಾಗಗಳ ಬೆಳವಣಿಗೆ ಇದಕ್ಕೆ ಪ್ರಮುಖ ಕಾರಣವಾಗಿದೆ.

ಇತರ ದಿಗ್ಗಜರಿಗಿಂತ ಭಿನ್ನ

ಭಾರತದ ಇತರ ಉದ್ಯಮಿಗಳಿಗೆ ಹೋಲಿಸಿದರೆ ಮುಕೇಶ್ ಅಂಬಾನಿ ಅವರ ಸಂಪತ್ತು ವೈವಿಧ್ಯಮಯ ಕ್ಷೇತ್ರಗಳಲ್ಲಿ ಹರಡಿಕೊಂಡಿದೆ. ತೈಲ, ಟೆಲಿಕಾಂ, ಚಿಲ್ಲರೆ ವ್ಯಾಪಾರ, ಡಿಜಿಟಲ್ ಸೇವೆಗಳು ಸೇರಿದಂತೆ ಹಲವು ಕ್ಷೇತ್ರಗಳಲ್ಲಿ ಅವರ ಹೂಡಿಕೆ ಇದೆ.

16.60 ಲಕ್ಷ ಕೋಟಿ ರೂ.
ವಿಶ್ವದ ನಂ.1 ಶ್ರೀಮಂತ ಎಲಾನ್ ಮಸ್ಕ್
ಸಂಗೀತಾ ಮೊಬೈಲ್ಸ್ ಮಳಿಗೆಯಲ್ಲಿ ರೆಡ್‌ಮಿ ನೋಟ್ 13 5ಜಿ ಸೀರಿಸ್

ಬೆಂಗಳೂರು: ಶಿಯೋಮಿ ಸಂಸ್ಥೆ ರೆಡ್‌ಮಿ ನೋಟ್ 13 5ಜಿ ಸೀರಿಸ್ ಸ್ಮಾರ್ಟ್‌ಫೋನ್‌ಗಳನ್ನು ಬಿಡುಗಡೆ ಮಾಡಿದೆ.

ರೆಡ್‌ಮಿ ನೋಟ್ 13 5ಜಿ ಸೀರಿಸ್ ಸ್ಮಾರ್ಟ್‌ಫೋನ್‌ಗಳು ಸಂಗೀತಾ ಮೊಬೈಲ್ಸ್ ಮಳಿಗೆಗಳಲ್ಲಿ ಲಭ್ಯವಿದೆ.

ಹೊಸ ಸರಣಿಯಲ್ಲಿ ರೆಡ್‌ಮಿ ನೋಟ್ 13, ನೋಟ್ 13 ಪ್ರೊ ಮತ್ತು ನೋಟ್ 13 ಪ್ರೊ ಪ್ಲಸ್ ಎಂಬ ಮೂರು ಮಾದರಿಗಳಿವೆ.

ನೋಟ್ 13 ಪ್ರೊ ಪ್ಲಸ್ 200 ಮೆಗಾಪಿಕ್ಸೆಲ್ ಕ್ಯಾಮೆರಾ ಹೊಂದಿದೆ. 120 ವ್ಯಾಟ್ ಫಾಸ್ಟ್ ಚಾರ್ಜಿಂಗ್ ಬೆಂಬಲವಿದೆ.

ಆಕರ್ಷಕ ವಿನ್ಯಾಸ, ಪ್ರಬಲ ಪ್ರೊಸೆಸರ್ ಮತ್ತು ದೀರ್ಘ ಬ್ಯಾಟರಿ ಬಾಳಿಕೆ ಈ ಸರಣಿಯ ವಿಶೇಷತೆಗಳಾಗಿವೆ.

ಬೆಲೆ 17,999 ರೂ.ನಿಂದ ಆರಂಭವಾಗುತ್ತದೆ. ಎಲ್ಲ ಸಂಗೀತಾ ಮೊಬೈಲ್ಸ್ ಮಳಿಗೆಗಳಲ್ಲಿ ಖರೀದಿಗೆ ಲಭ್ಯ.
